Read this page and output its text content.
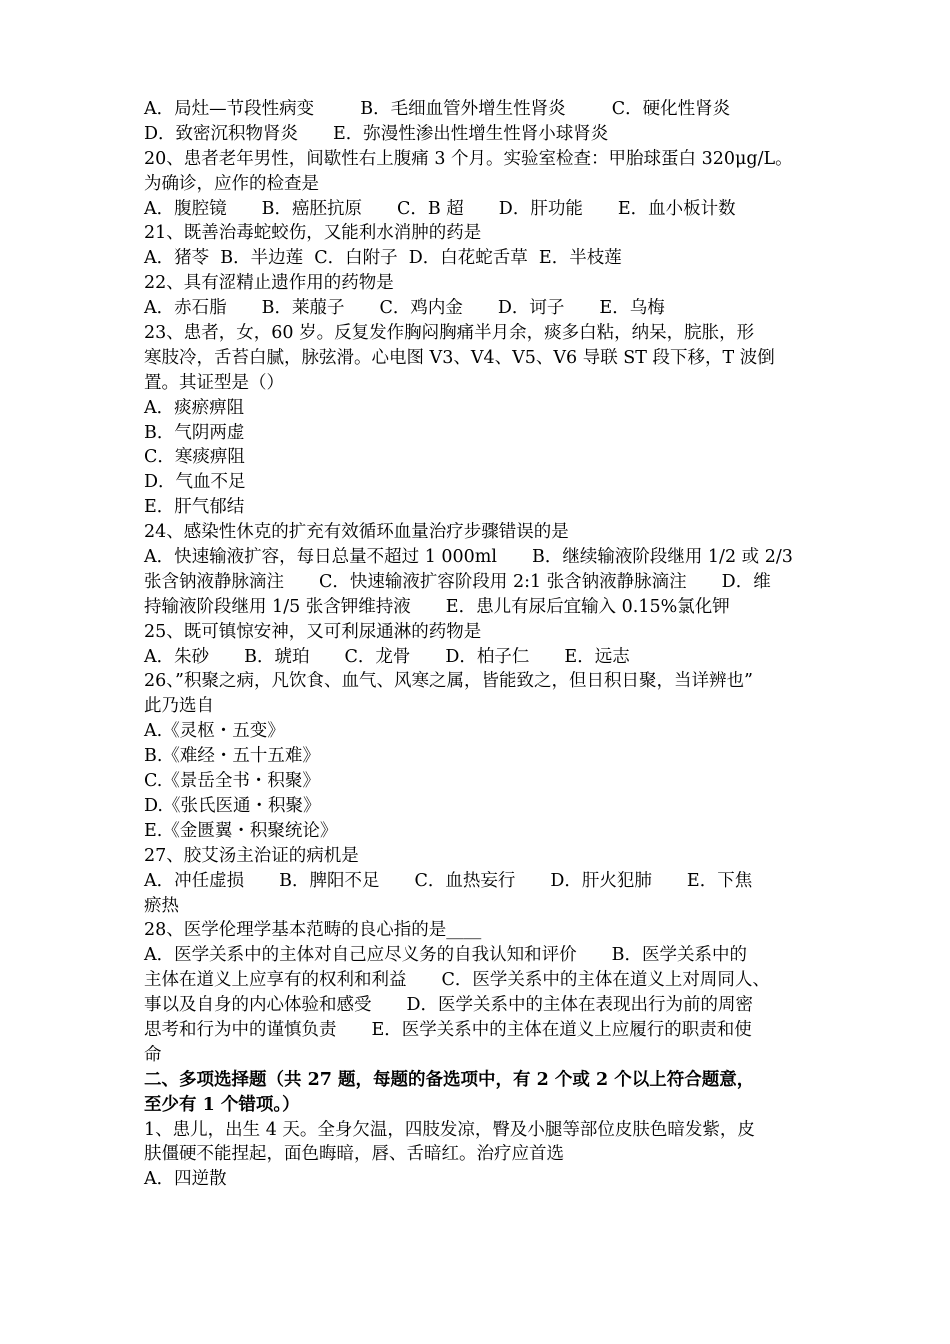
A．局灶—节段性病变　　  B．毛细血管外增生性肾炎　　  C．硬化性肾炎
D．致密沉积物肾炎　　E．弥漫性渗出性增生性肾小球肾炎
20、患者老年男性，间歇性右上腹痛 3 个月。实验室检查：甲胎球蛋白 320μg/L。
为确诊，应作的检查是
A．腹腔镜　　B．癌胚抗原　　C．B 超　　D．肝功能　　E．血小板计数
21、既善治毒蛇蛟伤，又能利水消肿的药是
A．猪苓  B．半边莲  C．白附子  D．白花蛇舌草  E．半枝莲
22、具有涩精止遗作用的药物是
A．赤石脂　　B．莱菔子　　C．鸡内金　　D．诃子　　E．乌梅
23、患者，女，60 岁。反复发作胸闷胸痛半月余，痰多白粘，纳呆，脘胀，形
寒肢冷，舌苔白腻，脉弦滑。心电图 V3、V4、V5、V6 导联 ST 段下移，T 波倒
置。其证型是（）
A．痰瘀痹阻
B．气阴两虚
C．寒痰痹阻
D．气血不足
E．肝气郁结
24、感染性休克的扩充有效循环血量治疗步骤错误的是
A．快速输液扩容，每日总量不超过 1 000ml　　B．继续输液阶段继用 1/2 或 2/3
张含钠液静脉滴注　　C．快速输液扩容阶段用 2:1 张含钠液静脉滴注　　D．维
持输液阶段继用 1/5 张含钾维持液　　E．患儿有尿后宜输入 0.15%氯化钾
25、既可镇惊安神，又可利尿通淋的药物是
A．朱砂　　B．琥珀　　C．龙骨　　D．柏子仁　　E．远志
26、”积聚之病，凡饮食、血气、风寒之属，皆能致之，但日积日聚，当详辨也”
此乃选自
A.《灵枢・五变》
B.《难经・五十五难》
C.《景岳全书・积聚》
D.《张氏医通・积聚》
E.《金匮翼・积聚统论》
27、胶艾汤主治证的病机是
A．冲任虚损　　B．脾阳不足　　C．血热妄行　　D．肝火犯肺　　E．下焦
瘀热
28、医学伦理学基本范畴的良心指的是____
A．医学关系中的主体对自己应尽义务的自我认知和评价　　B．医学关系中的
主体在道义上应享有的权利和利益　　C．医学关系中的主体在道义上对周同人、
事以及自身的内心体验和感受　　D．医学关系中的主体在表现出行为前的周密
思考和行为中的谨慎负责　　E．医学关系中的主体在道义上应履行的职责和使
命
二、多项选择题（共 27 题，每题的备选项中，有 2 个或 2 个以上符合题意，
至少有 1 个错项。）
1、患儿，出生 4 天。全身欠温，四肢发凉，臀及小腿等部位皮肤色暗发紫，皮
肤僵硬不能捏起，面色晦暗，唇、舌暗红。治疗应首选
A．四逆散
